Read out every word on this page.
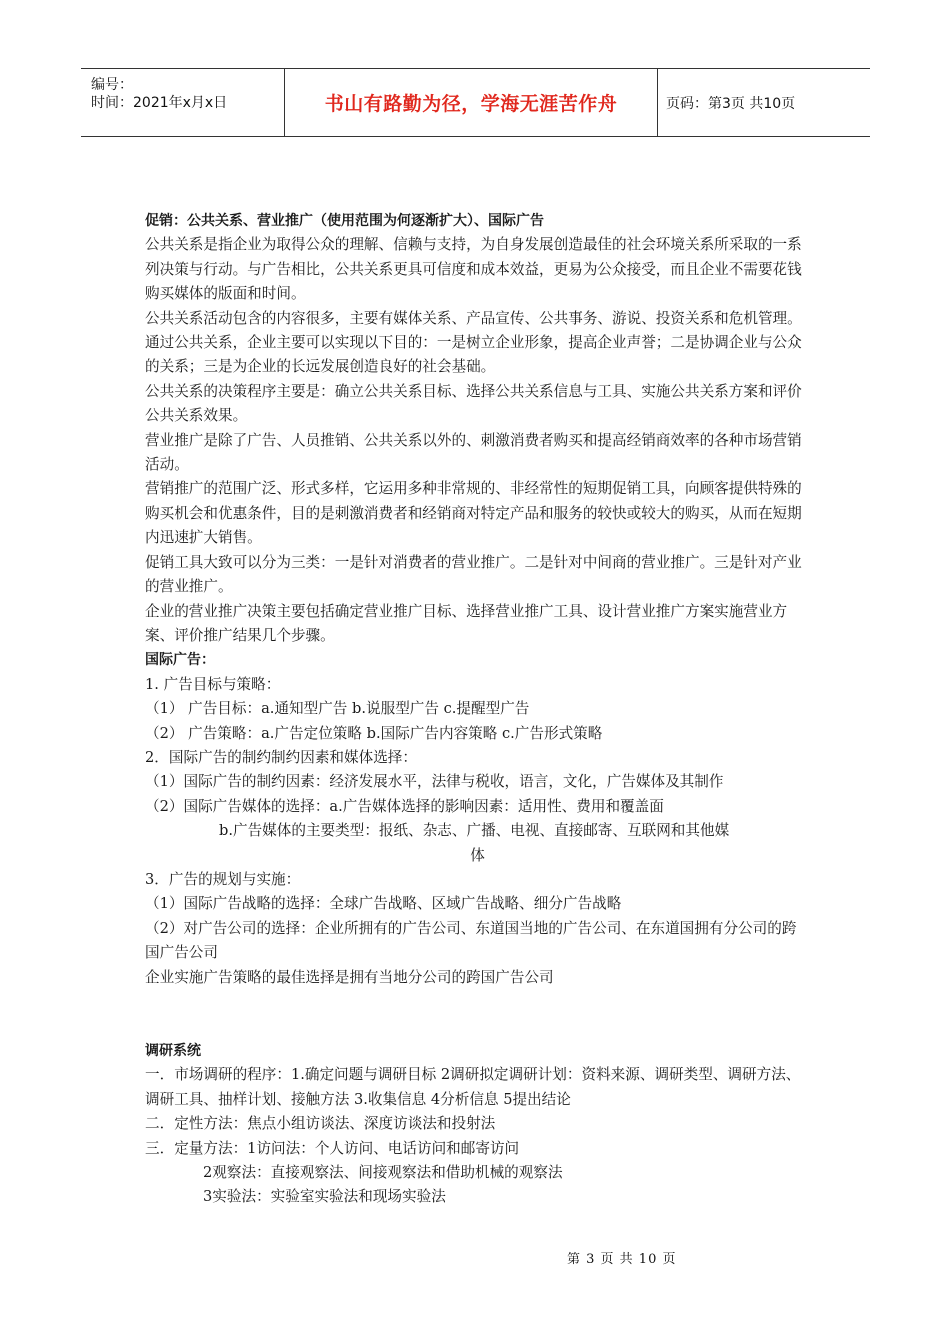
编号：
时间：2021年x月x日	书山有路勤为径，学海无涯苦作舟	页码：第3页 共10页

促销：公共关系、营业推广（使用范围为何逐渐扩大）、国际广告

公共关系是指企业为取得公众的理解、信赖与支持，为自身发展创造最佳的社会环境关系所采取的一系列决策与行动。与广告相比，公共关系更具可信度和成本效益，更易为公众接受，而且企业不需要花钱购买媒体的版面和时间。

公共关系活动包含的内容很多，主要有媒体关系、产品宣传、公共事务、游说、投资关系和危机管理。通过公共关系，企业主要可以实现以下目的：一是树立企业形象，提高企业声誉；二是协调企业与公众的关系；三是为企业的长远发展创造良好的社会基础。

公共关系的决策程序主要是：确立公共关系目标、选择公共关系信息与工具、实施公共关系方案和评价公共关系效果。

营业推广是除了广告、人员推销、公共关系以外的、刺激消费者购买和提高经销商效率的各种市场营销活动。

营销推广的范围广泛、形式多样，它运用多种非常规的、非经常性的短期促销工具，向顾客提供特殊的购买机会和优惠条件，目的是刺激消费者和经销商对特定产品和服务的较快或较大的购买，从而在短期内迅速扩大销售。

促销工具大致可以分为三类：一是针对消费者的营业推广。二是针对中间商的营业推广。三是针对产业的营业推广。

企业的营业推广决策主要包括确定营业推广目标、选择营业推广工具、设计营业推广方案实施营业方案、评价推广结果几个步骤。

国际广告：

1. 广告目标与策略：

（1） 广告目标：a.通知型广告 b.说服型广告 c.提醒型广告

（2） 广告策略：a.广告定位策略 b.国际广告内容策略 c.广告形式策略

2．国际广告的制约制约因素和媒体选择：

（1）国际广告的制约因素：经济发展水平，法律与税收，语言，文化，广告媒体及其制作

（2）国际广告媒体的选择：a.广告媒体选择的影响因素：适用性、费用和覆盖面

b.广告媒体的主要类型：报纸、杂志、广播、电视、直接邮寄、互联网和其他媒

体

3．广告的规划与实施：

（1）国际广告战略的选择：全球广告战略、区域广告战略、细分广告战略

（2）对广告公司的选择：企业所拥有的广告公司、东道国当地的广告公司、在东道国拥有分公司的跨国广告公司

企业实施广告策略的最佳选择是拥有当地分公司的跨国广告公司

调研系统

一．市场调研的程序：1.确定问题与调研目标 2调研拟定调研计划：资料来源、调研类型、调研方法、调研工具、抽样计划、接触方法 3.收集信息 4分析信息 5提出结论

二．定性方法：焦点小组访谈法、深度访谈法和投射法

三．定量方法：1访问法：个人访问、电话访问和邮寄访问

2观察法：直接观察法、间接观察法和借助机械的观察法

3实验法：实验室实验法和现场实验法

第 3 页 共 10 页
